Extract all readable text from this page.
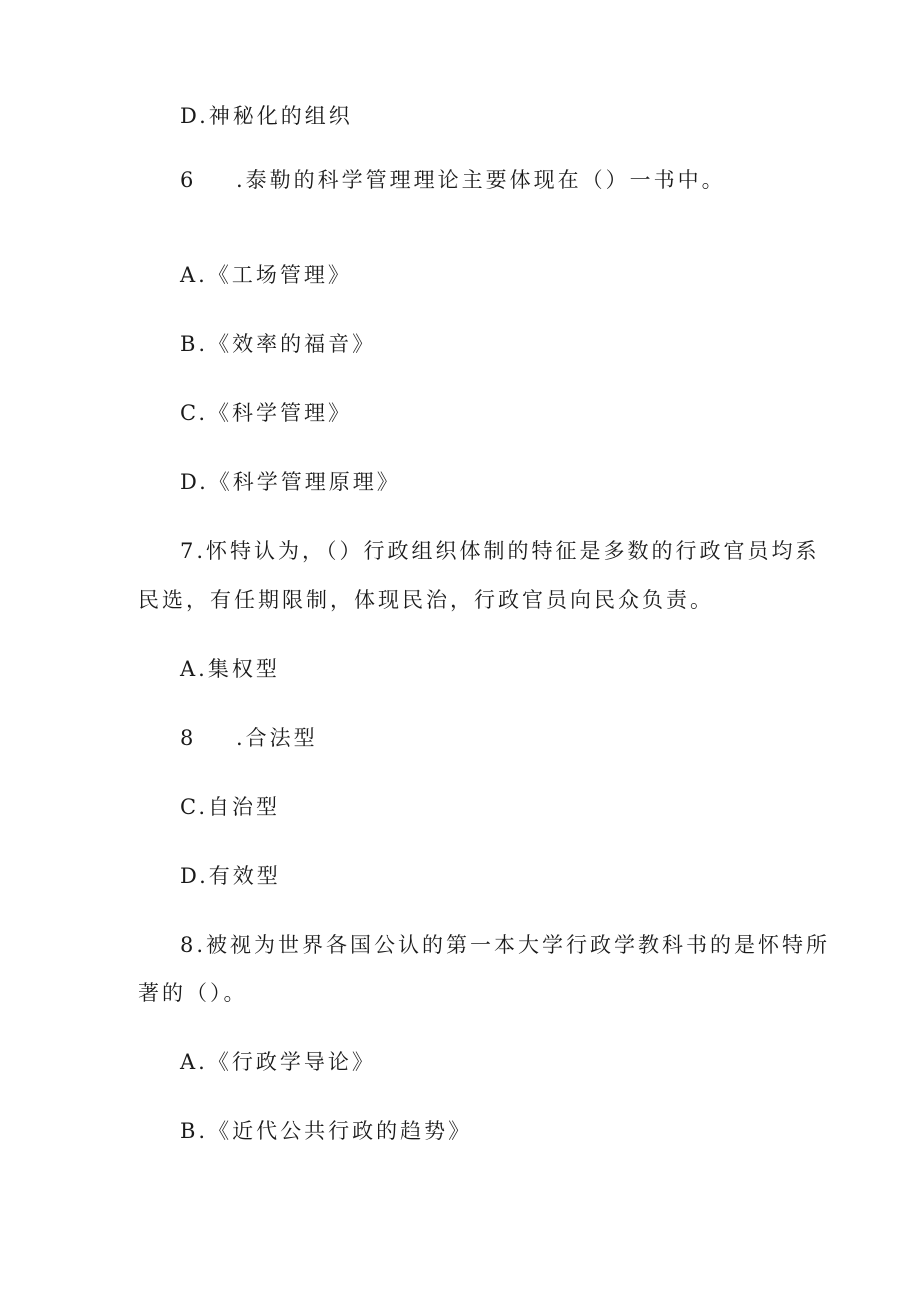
D.神秘化的组织
6 .泰勒的科学管理理论主要体现在（）一书中。
A.《工场管理》
B.《效率的福音》
C.《科学管理》
D.《科学管理原理》
7.怀特认为，（）行政组织体制的特征是多数的行政官员均系
民选，有任期限制，体现民治，行政官员向民众负责。
A.集权型
8 .合法型
C.自治型
D.有效型
8.被视为世界各国公认的第一本大学行政学教科书的是怀特所
著的（）。
A.《行政学导论》
B.《近代公共行政的趋势》
